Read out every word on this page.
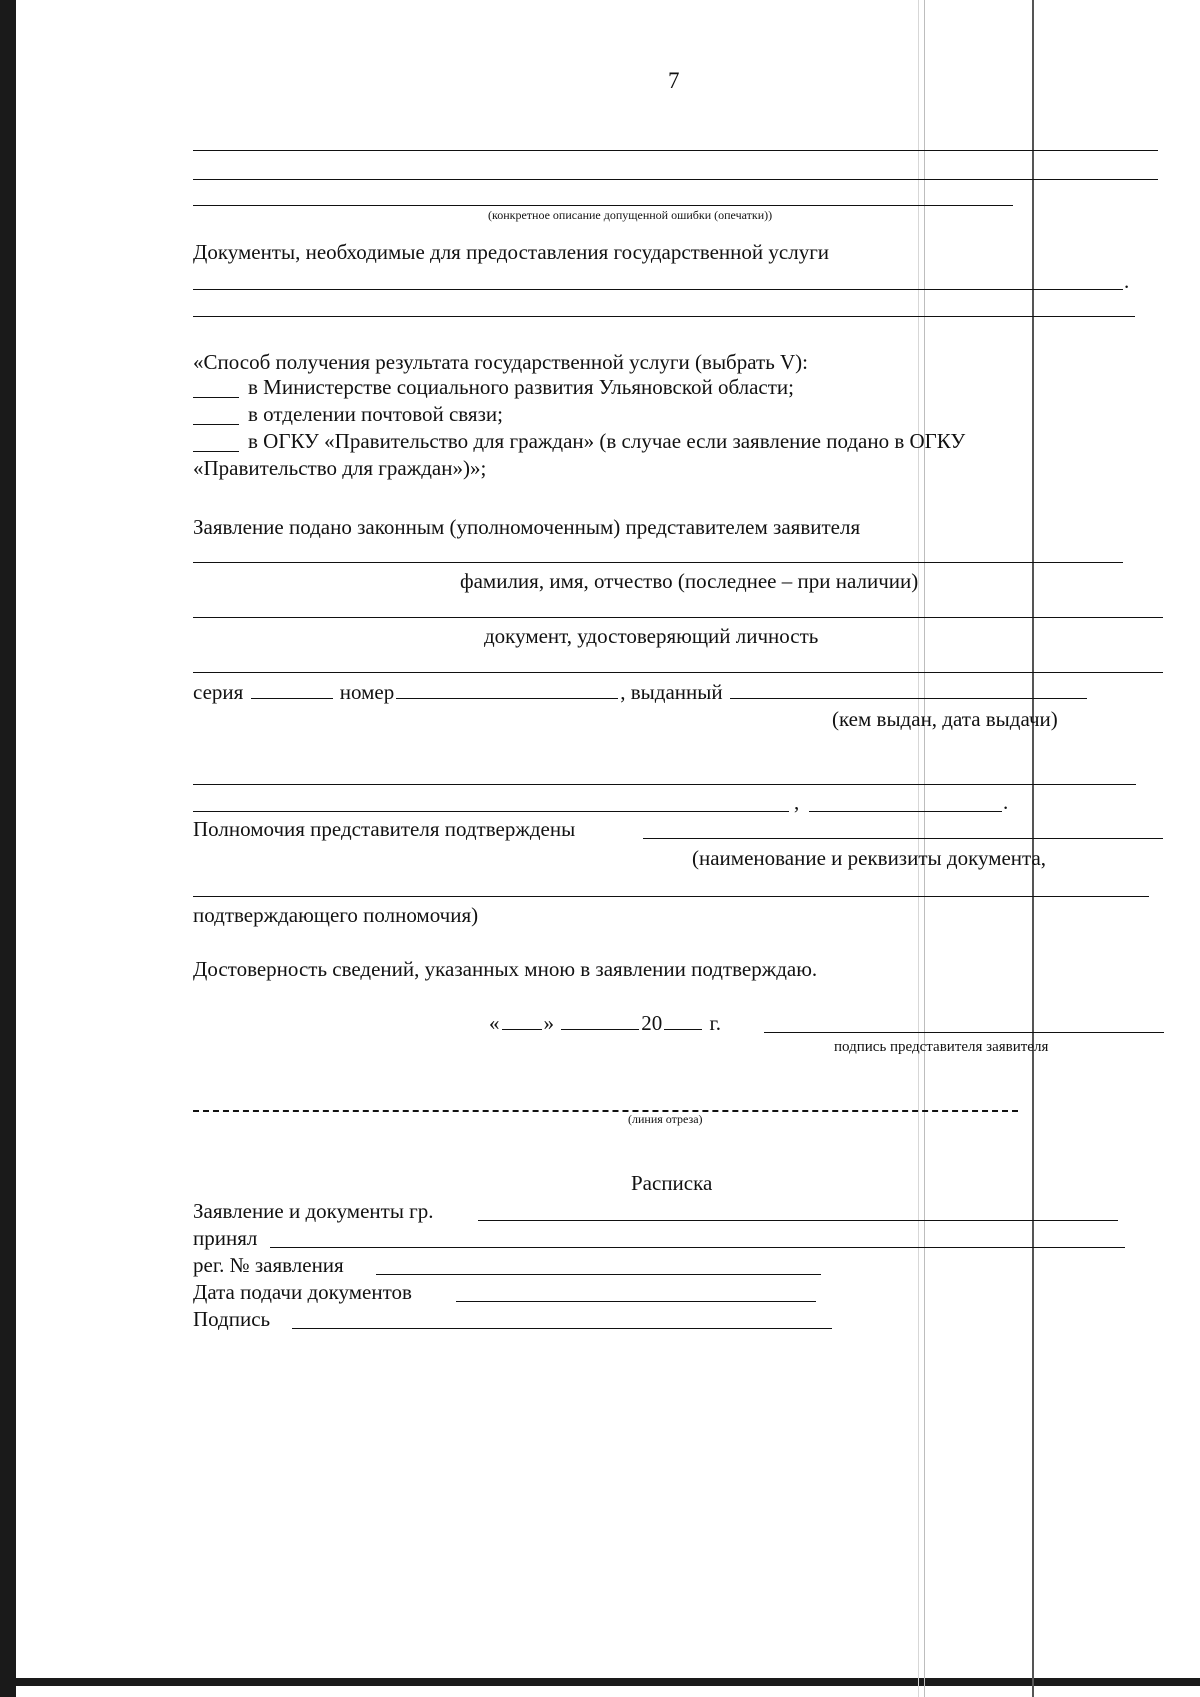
7
(конкретное описание допущенной ошибки (опечатки))
Документы, необходимые для предоставления государственной услуги
.
«Способ получения результата государственной услуги (выбрать V):
в Министерстве социального развития Ульяновской области;
в отделении почтовой связи;
в ОГКУ «Правительство для граждан» (в случае если заявление подано в ОГКУ
«Правительство для граждан»)»;
Заявление подано законным (уполномоченным) представителем заявителя
фамилия, имя, отчество (последнее – при наличии)
документ, удостоверяющий личность
серия	номер	, выданный
(кем выдан, дата выдачи)
,	.
Полномочия представителя подтверждены
(наименование и реквизиты документа,
подтверждающего полномочия)
Достоверность сведений, указанных мною в заявлении подтверждаю.
« »	20 г.
подпись представителя заявителя
(линия отреза)
Расписка
Заявление и документы гр.
принял
рег. № заявления
Дата подачи документов
Подпись
